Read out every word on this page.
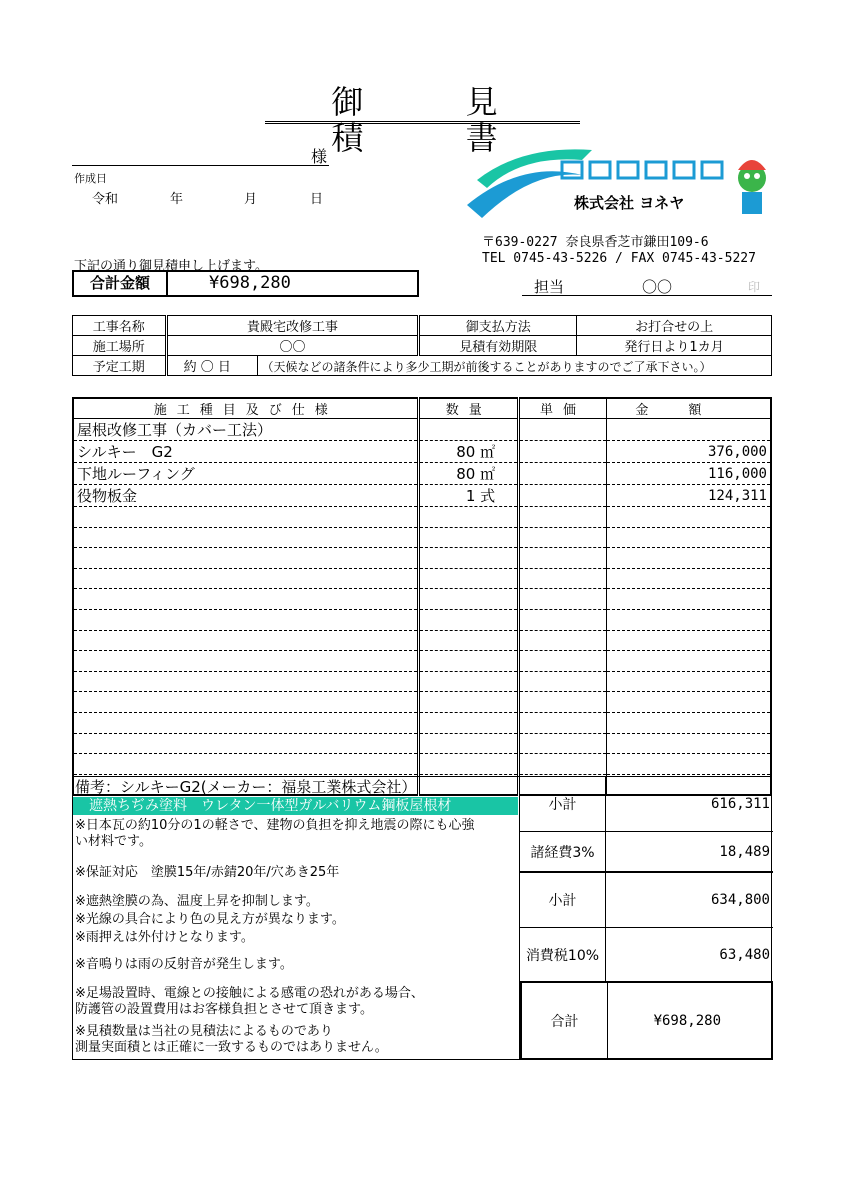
御 見 積 書
様
作成日
令和	年	月	日	株式会社 ヨネヤ
〒639-0227 奈良県香芝市鎌田109-6
TEL 0745-43-5226 / FAX 0745-43-5227
下記の通り御見積申し上げます。
合計金額	¥698,280	担当	〇〇	印
工事名称	貴殿宅改修工事	御支払方法	お打合せの上
施工場所	〇〇	見積有効期限	発行日より1カ月
予定工期	約 〇 日 （天候などの諸条件により多少工期が前後することがありますのでご了承下さい。）		
施工種目及び仕様	数量	単価	金額
屋根改修工事（カバー工法）			
シルキー　G2	80 ㎡		376,000
下地ルーフィング	80 ㎡		116,000
役物板金	1 式		124,311

備考：シルキーG2(メーカー：福泉工業株式会社）
遮熱ちぢみ塗料　ウレタン一体型ガルバリウム鋼板屋根材
※日本瓦の約10分の1の軽さで、建物の負担を抑え地震の際にも心強
い材料です。
※保証対応　塗膜15年/赤錆20年/穴あき25年
※遮熱塗膜の為、温度上昇を抑制します。
※光線の具合により色の見え方が異なります。
※雨押えは外付けとなります。
※音鳴りは雨の反射音が発生します。
※足場設置時、電線との接触による感電の恐れがある場合、
防護管の設置費用はお客様負担とさせて頂きます。
※見積数量は当社の見積法によるものであり
測量実面積とは正確に一致するものではありません。
小計	616,311
諸経費3%	18,489
小計	634,800
消費税10%	63,480
合計	¥698,280
